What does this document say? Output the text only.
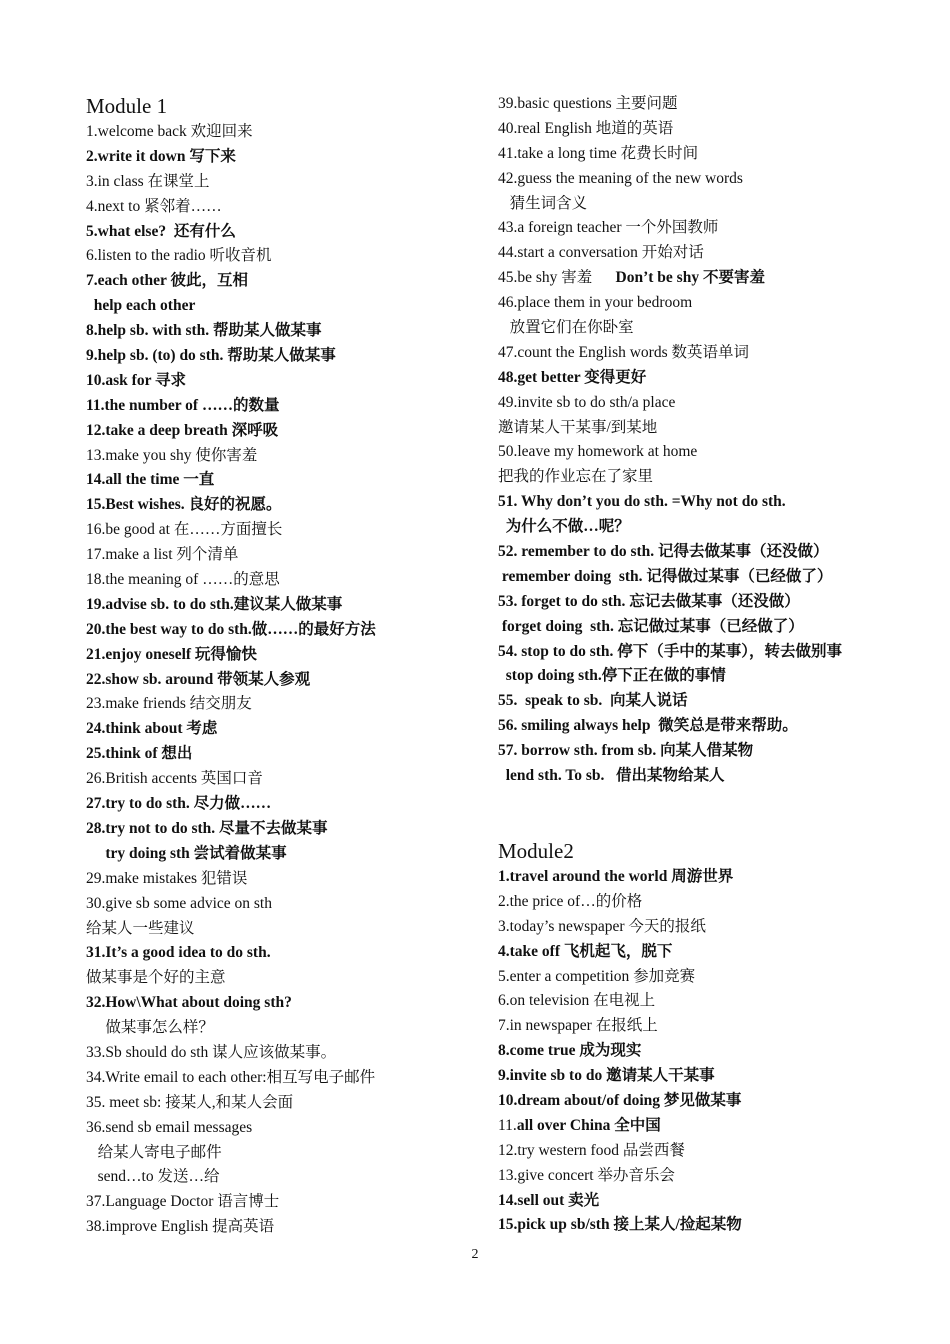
Module 1
1.welcome back 欢迎回来
2.write it down 写下来
3.in class 在课堂上
4.next to 紧邻着……
5.what else?  还有什么
6.listen to the radio 听收音机
7.each other 彼此，互相
help each other
8.help sb. with sth. 帮助某人做某事
9.help sb. (to) do sth. 帮助某人做某事
10.ask for 寻求
11.the number of ……的数量
12.take a deep breath 深呼吸
13.make you shy 使你害羞
14.all the time 一直
15.Best wishes. 良好的祝愿。
16.be good at 在……方面擅长
17.make a list 列个清单
18.the meaning of ……的意思
19.advise sb. to do sth.建议某人做某事
20.the best way to do sth.做……的最好方法
21.enjoy oneself 玩得愉快
22.show sb. around 带领某人参观
23.make friends 结交朋友
24.think about 考虑
25.think of 想出
26.British accents 英国口音
27.try to do sth. 尽力做……
28.try not to do sth. 尽量不去做某事
try doing sth 尝试着做某事
29.make mistakes 犯错误
30.give sb some advice on sth
给某人一些建议
31.It’s a good idea to do sth.
做某事是个好的主意
32.How\What about doing sth?
做某事怎么样？
33.Sb should do sth 谋人应该做某事。
34.Write email to each other:相互写电子邮件
35. meet sb: 接某人,和某人会面
36.send sb email messages
给某人寄电子邮件
send…to 发送…给
37.Language Doctor 语言博士
38.improve English 提高英语
39.basic questions 主要问题
40.real English 地道的英语
41.take a long time 花费长时间
42.guess the meaning of the new words
猜生词含义
43.a foreign teacher 一个外国教师
44.start a conversation 开始对话
45.be shy 害羞      Don’t be shy 不要害羞
46.place them in your bedroom
放置它们在你卧室
47.count the English words 数英语单词
48.get better 变得更好
49.invite sb to do sth/a place
邀请某人干某事/到某地
50.leave my homework at home
把我的作业忘在了家里
51. Why don’t you do sth. =Why not do sth.
为什么不做…呢？
52. remember to do sth. 记得去做某事（还没做）
remember doing  sth. 记得做过某事（已经做了）
53. forget to do sth. 忘记去做某事（还没做）
forget doing  sth. 忘记做过某事（已经做了）
54. stop to do sth. 停下（手中的某事），转去做别事
stop doing sth.停下正在做的事情
55.  speak to sb.  向某人说话
56. smiling always help  微笑总是带来帮助。
57. borrow sth. from sb. 向某人借某物
lend sth. To sb.   借出某物给某人
Module2
1.travel around the world 周游世界
2.the price of…的价格
3.today’s newspaper 今天的报纸
4.take off 飞机起飞，脱下
5.enter a competition 参加竞赛
6.on television 在电视上
7.in newspaper 在报纸上
8.come true 成为现实
9.invite sb to do 邀请某人干某事
10.dream about/of doing 梦见做某事
11.all over China 全中国
12.try western food 品尝西餐
13.give concert 举办音乐会
14.sell out 卖光
15.pick up sb/sth 接上某人/捡起某物
2
